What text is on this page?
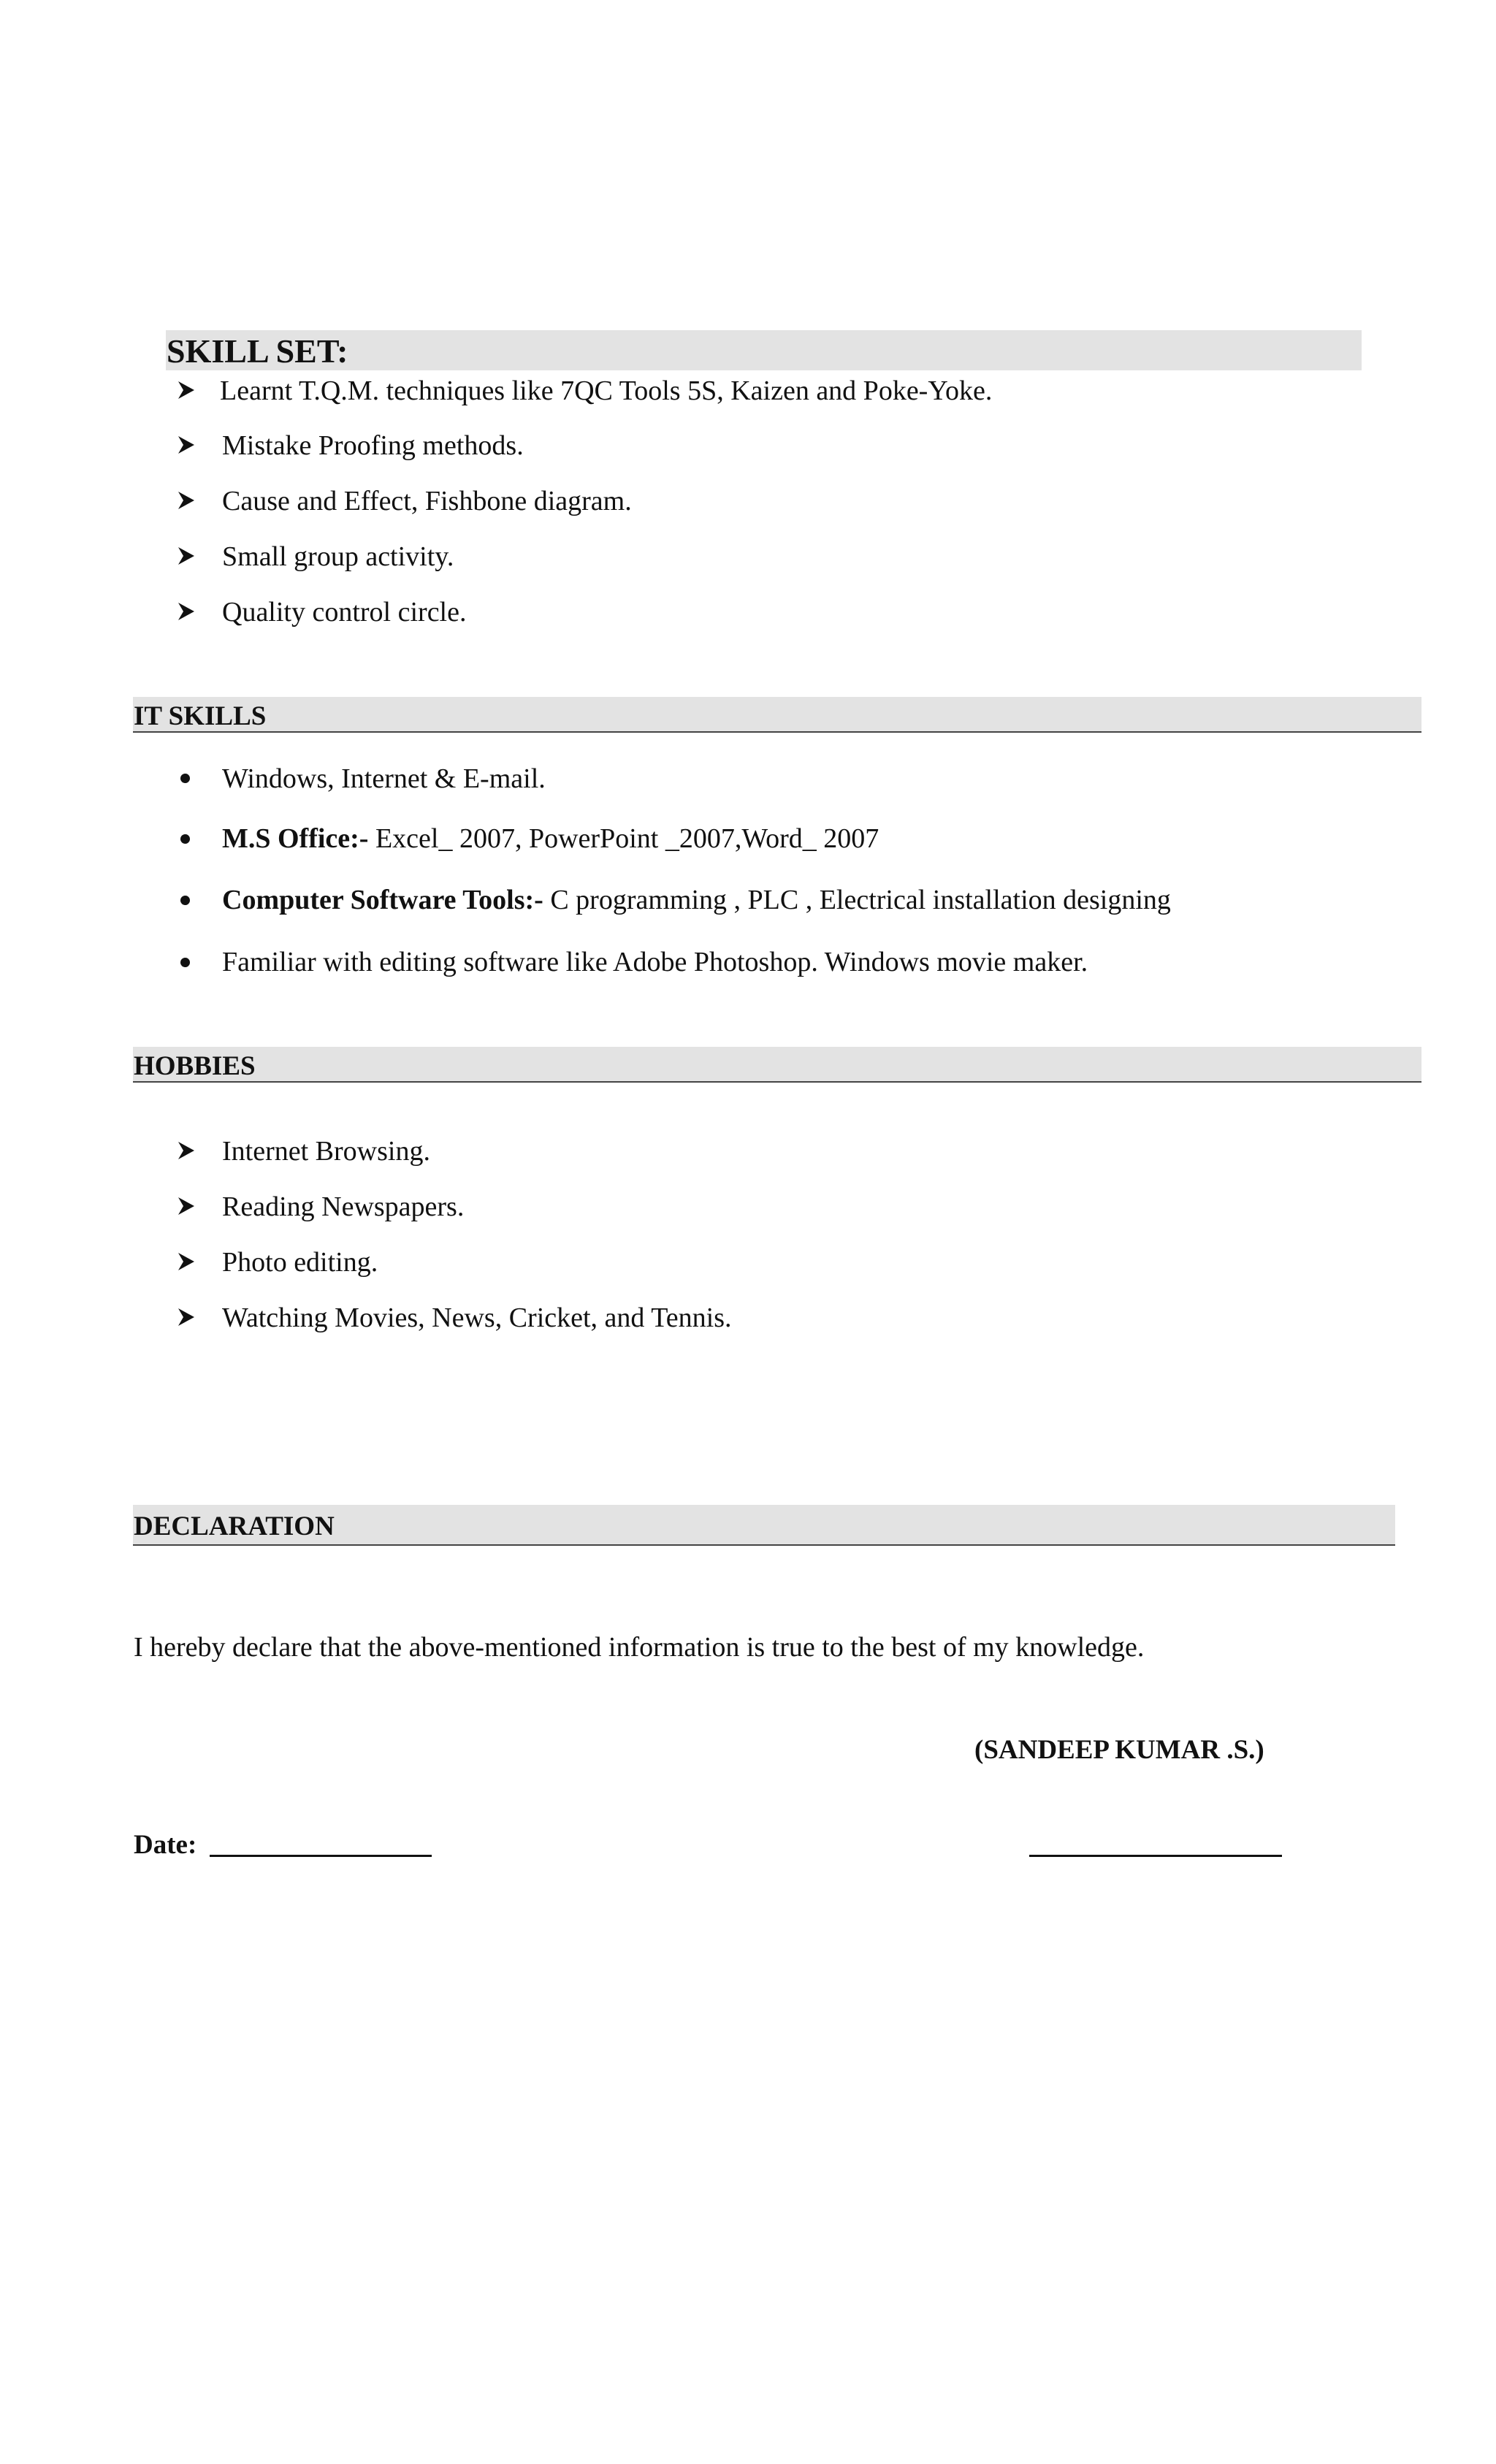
SKILL SET:
Learnt T.Q.M. techniques like 7QC Tools 5S, Kaizen and Poke-Yoke.
Mistake Proofing methods.
Cause and Effect, Fishbone diagram.
Small group activity.
Quality control circle.
IT SKILLS
Windows, Internet & E-mail.
M.S Office:- Excel_ 2007, PowerPoint _2007,Word_ 2007
Computer Software Tools:- C programming , PLC , Electrical installation designing
Familiar with editing software like Adobe Photoshop. Windows movie maker.
HOBBIES
Internet Browsing.
Reading Newspapers.
Photo editing.
Watching Movies, News, Cricket, and Tennis.
DECLARATION
I hereby declare that the above-mentioned information is true to the best of my knowledge.
(SANDEEP KUMAR .S.)
Date:
